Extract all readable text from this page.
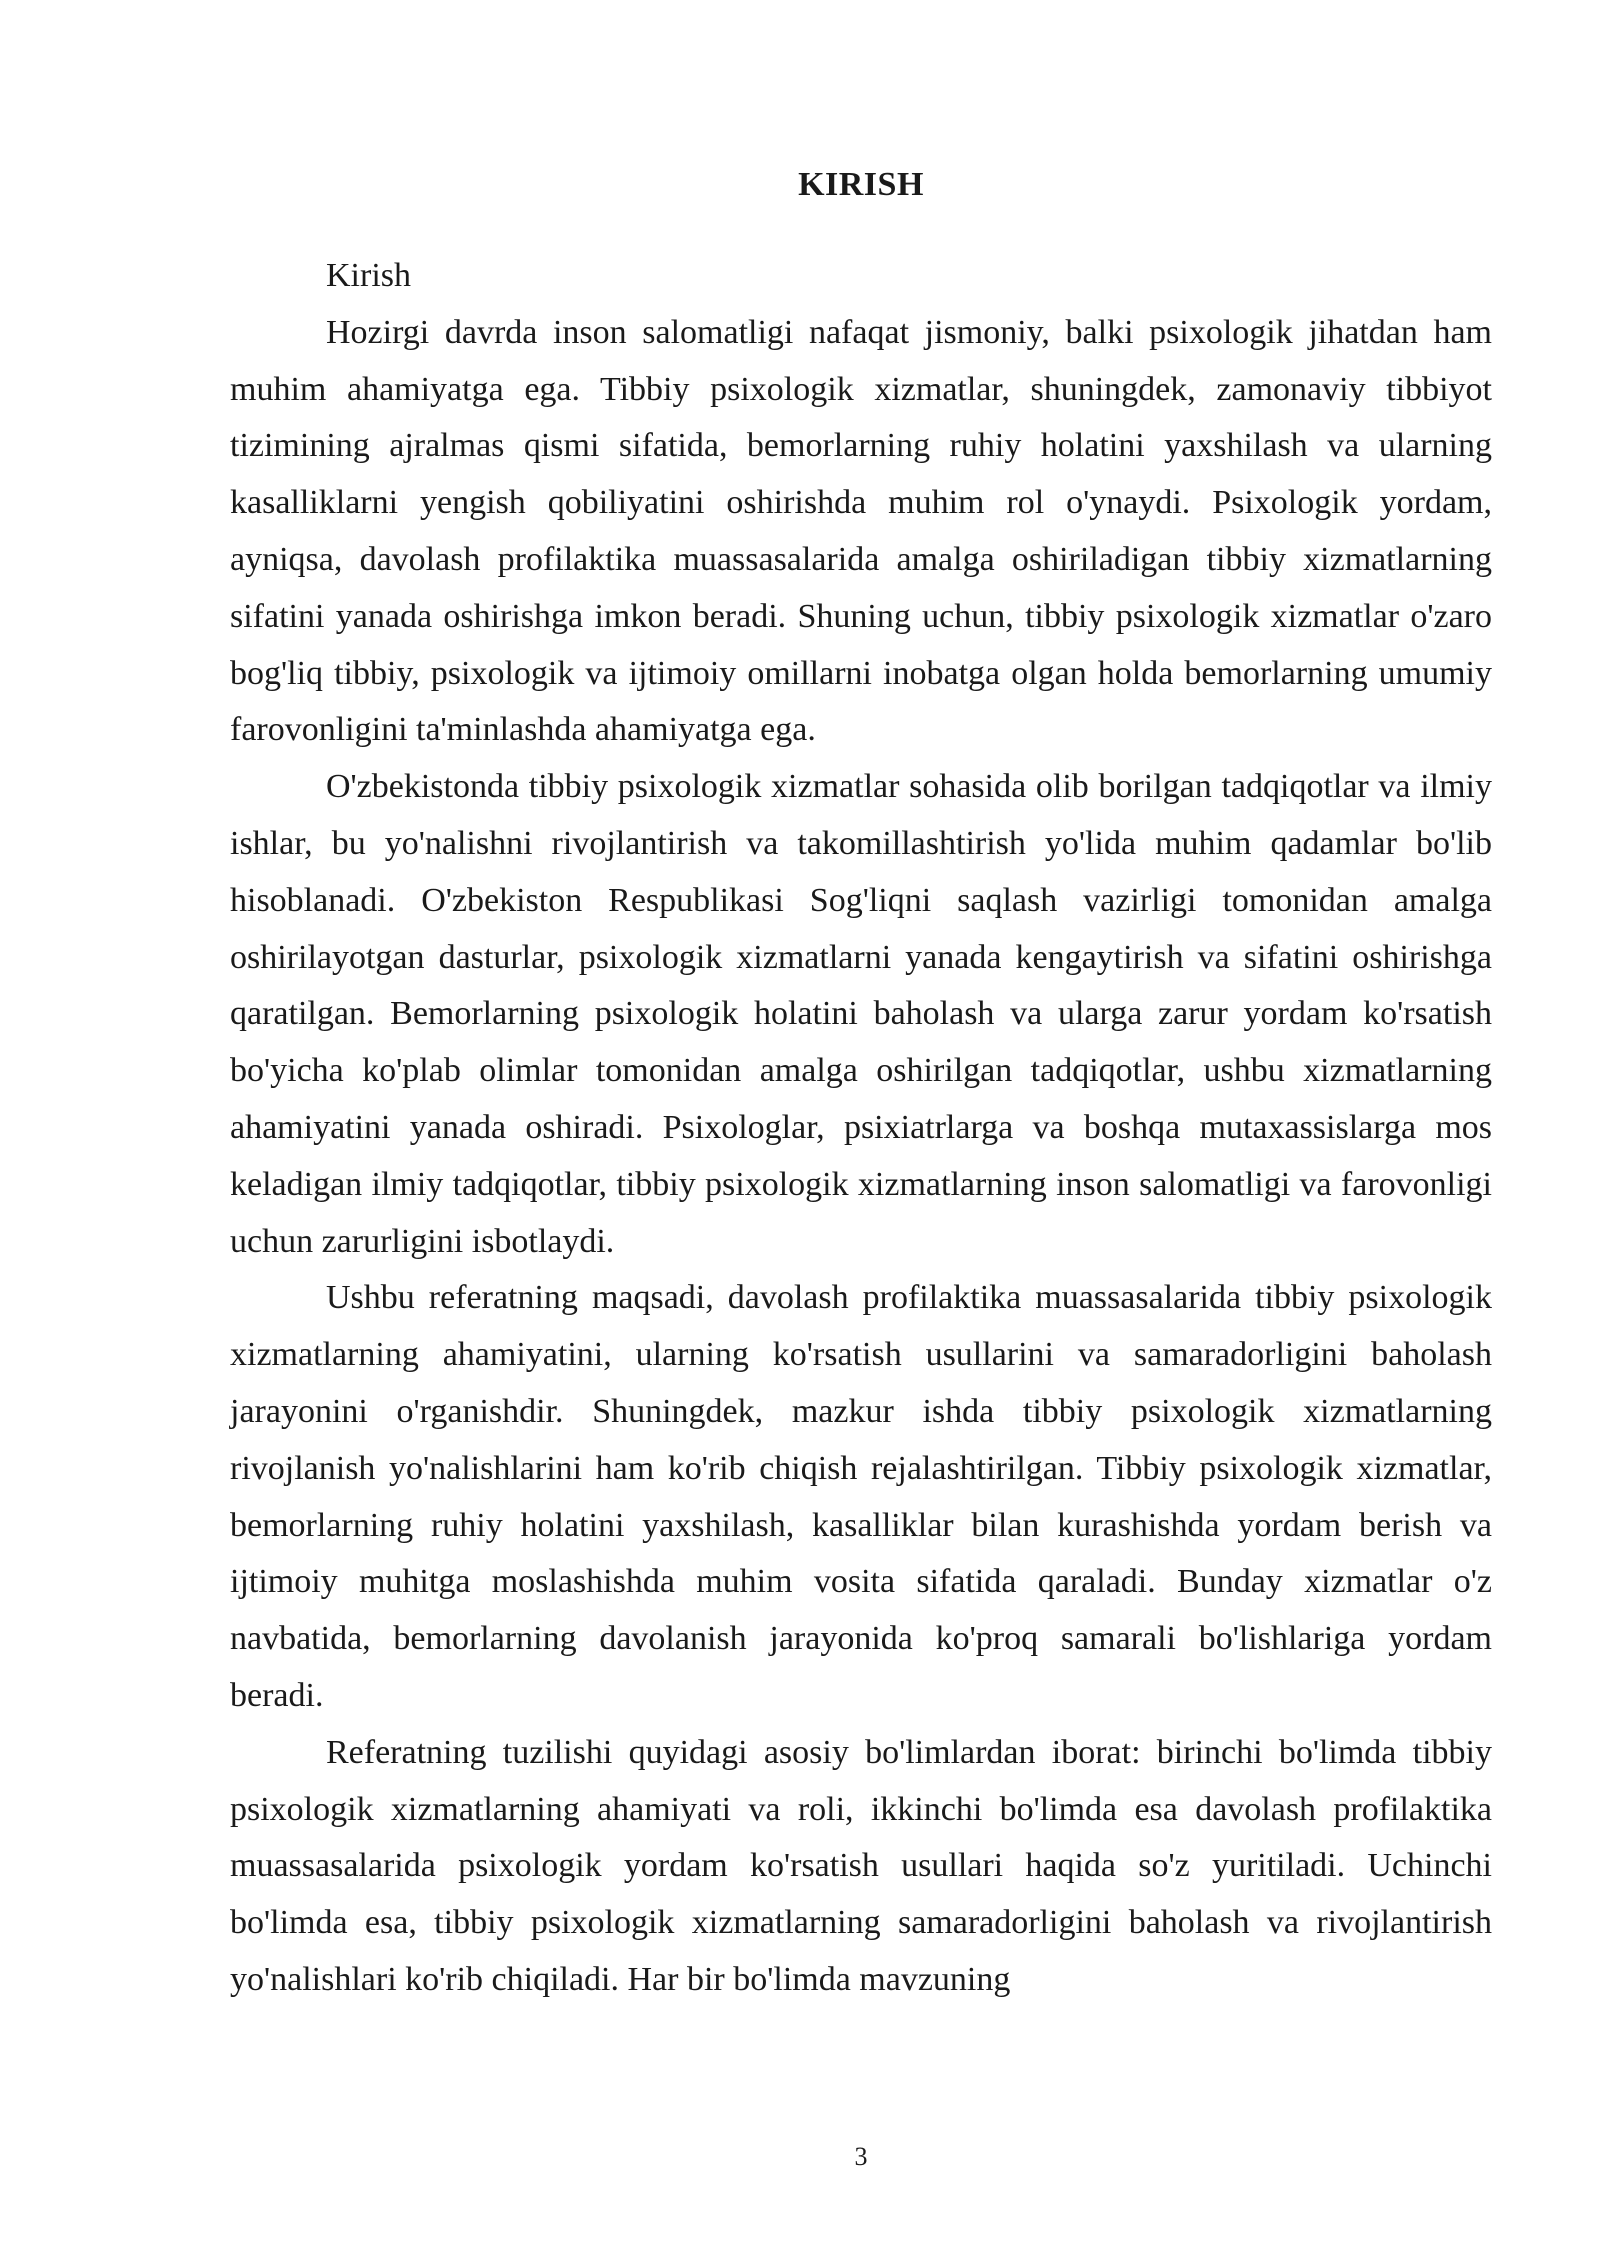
KIRISH

Kirish

Hozirgi davrda inson salomatligi nafaqat jismoniy, balki psixologik jihatdan ham muhim ahamiyatga ega. Tibbiy psixologik xizmatlar, shuningdek, zamonaviy tibbiyot tizimining ajralmas qismi sifatida, bemorlarning ruhiy holatini yaxshilash va ularning kasalliklarni yengish qobiliyatini oshirishda muhim rol o'ynaydi. Psixologik yordam, ayniqsa, davolash profilaktika muassasalarida amalga oshiriladigan tibbiy xizmatlarning sifatini yanada oshirishga imkon beradi. Shuning uchun, tibbiy psixologik xizmatlar o'zaro bog'liq tibbiy, psixologik va ijtimoiy omillarni inobatga olgan holda bemorlarning umumiy farovonligini ta'minlashda ahamiyatga ega.

O'zbekistonda tibbiy psixologik xizmatlar sohasida olib borilgan tadqiqotlar va ilmiy ishlar, bu yo'nalishni rivojlantirish va takomillashtirish yo'lida muhim qadamlar bo'lib hisoblanadi. O'zbekiston Respublikasi Sog'liqni saqlash vazirligi tomonidan amalga oshirilayotgan dasturlar, psixologik xizmatlarni yanada kengaytirish va sifatini oshirishga qaratilgan. Bemorlarning psixologik holatini baholash va ularga zarur yordam ko'rsatish bo'yicha ko'plab olimlar tomonidan amalga oshirilgan tadqiqotlar, ushbu xizmatlarning ahamiyatini yanada oshiradi. Psixologlar, psixiatrlarga va boshqa mutaxassislarga mos keladigan ilmiy tadqiqotlar, tibbiy psixologik xizmatlarning inson salomatligi va farovonligi uchun zarurligini isbotlaydi.

Ushbu referatning maqsadi, davolash profilaktika muassasalarida tibbiy psixologik xizmatlarning ahamiyatini, ularning ko'rsatish usullarini va samaradorligini baholash jarayonini o'rganishdir. Shuningdek, mazkur ishda tibbiy psixologik xizmatlarning rivojlanish yo'nalishlarini ham ko'rib chiqish rejalashtirilgan. Tibbiy psixologik xizmatlar, bemorlarning ruhiy holatini yaxshilash, kasalliklar bilan kurashishda yordam berish va ijtimoiy muhitga moslashishda muhim vosita sifatida qaraladi. Bunday xizmatlar o'z navbatida, bemorlarning davolanish jarayonida ko'proq samarali bo'lishlariga yordam beradi.

Referatning tuzilishi quyidagi asosiy bo'limlardan iborat: birinchi bo'limda tibbiy psixologik xizmatlarning ahamiyati va roli, ikkinchi bo'limda esa davolash profilaktika muassasalarida psixologik yordam ko'rsatish usullari haqida so'z yuritiladi. Uchinchi bo'limda esa, tibbiy psixologik xizmatlarning samaradorligini baholash va rivojlantirish yo'nalishlari ko'rib chiqiladi. Har bir bo'limda mavzuning

3
